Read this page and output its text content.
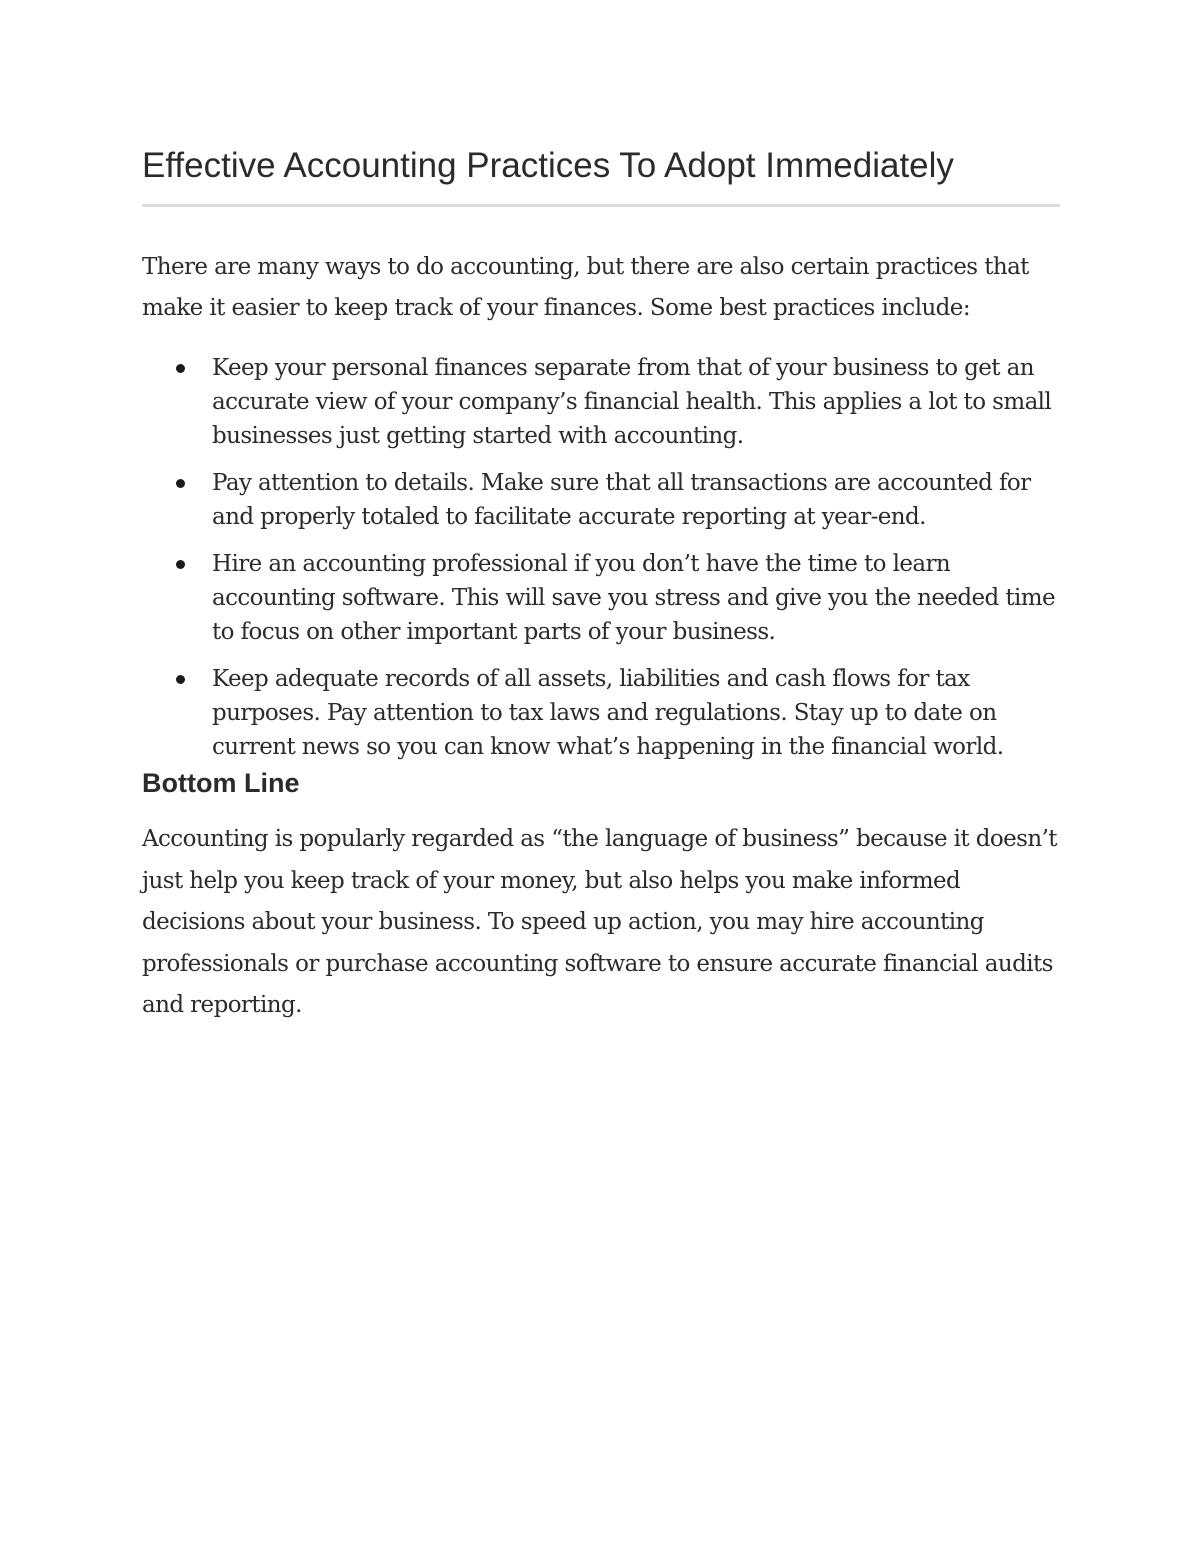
Effective Accounting Practices To Adopt Immediately

There are many ways to do accounting, but there are also certain practices that make it easier to keep track of your finances. Some best practices include:

Keep your personal finances separate from that of your business to get an accurate view of your company’s financial health. This applies a lot to small businesses just getting started with accounting.
Pay attention to details. Make sure that all transactions are accounted for and properly totaled to facilitate accurate reporting at year-end.
Hire an accounting professional if you don’t have the time to learn accounting software. This will save you stress and give you the needed time to focus on other important parts of your business.
Keep adequate records of all assets, liabilities and cash flows for tax purposes. Pay attention to tax laws and regulations. Stay up to date on current news so you can know what’s happening in the financial world.
Bottom Line

Accounting is popularly regarded as “the language of business” because it doesn’t just help you keep track of your money, but also helps you make informed decisions about your business. To speed up action, you may hire accounting professionals or purchase accounting software to ensure accurate financial audits and reporting.
